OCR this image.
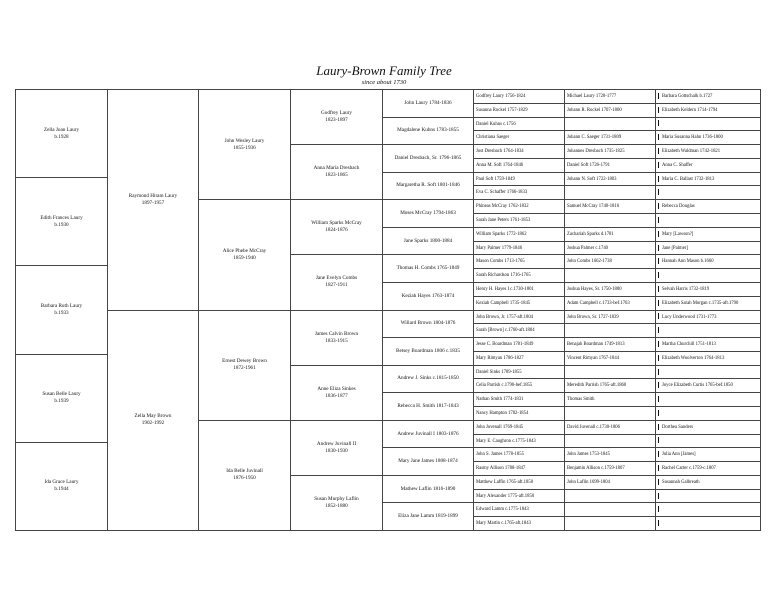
Laury-Brown Family Tree
since about 1730
Zella Joan Laury
b.1928
Edith Frances Laury
b.1930
Barbara Ruth Laury
b.1933
Susan Belle Laury
b.1939
Ida Grace Laury
b.1944
Raymond Hiram Laury
1897-1957
Zella May Brown
1902-1992
John Wesley Laury
1855-1936
Alice Phebe McCray
1859-1940
Ernest Dewey Brown
1872-1961
Ida Belle Juvinall
1876-1950
Godfrey Laury
1823-1897
Anna Maria Dresbach
1823-1865
William Sparks McCray
1824-1876
Jane Evelyn Combs
1827-1911
James Calvin Brown
1833-1915
Anne Eliza Sinkes
1836-1877
Andrew Juvinall II
1830-1930
Susan Murphy Laflin
1852-1880
John Laury 1784-1836
Magdalene Kuhns 1783-1855
Daniel Dresbach, Sr. 1796-1865
Margaretha R. Soft 1801-1846
Moses McCray 1794-1863
Jane Sparks 1800-1884
Thomas H. Combs 1765-1849
Keziah Hayes 1763-1874
Willard Brown 1804-1876
Betsey Boardman 1806 c.1835
Andrew J. Sinks c.1815-1850
Rebecca H. Smith 1817-1843
Andrew Juvinall I 1803-1876
Mary Jane James 1808-1874
Mathew Laflin 1816-1890
Eliza Jane Lamm 1819-1899
Godfrey Laury 1756-1824
Susanna Rockel 1757-1829
Daniel Kuhns c.1756
Christiana Saeger
Jost Dresbach 1764-1834
Anna M. Soft 1764-1846
Paul Soft 1759-1849
Eva C. Schaffer 1766-1833
Phineas McCray 1762-1832
Sarah Jane Peters 1761-1853
William Sparks 1772-1862
Mary Palmer 1779-1846
Mason Combs 1713-1765
Sarah Richardson 1716-1765
Henry H. Hayes I c.1730-1801
Keziah Campbell 1735-1845
John Brown, Jr. 1757-aft.1804
Sarah [Brown] c.1760-aft.1804
Jesse C. Boardman 1781-1849
Mary Rimyan 1786-1827
Daniel Sinks 1789-1855
Celia Parrish c.1790-bef.1855
Nathan Smith 1774-1831
Nancy Hampton 1782-1854
John Juvenall 1769-1845
Mary E. Caughron c.1775-1843
John S. James 1778-1855
Rasmy Allison 1788-1847
Matthew Laffin 1765-aft.1850
Mary Alexander 1775-aft.1850
Edward Lamm c.1775-1843
Mary Martin c.1765-aft.1843
Michael Laury 1720-1777
Johann R. Rockel 1707-1800
Johann C. Saeger 1731-1809
Johannes Dresbach 1735-1825
Daniel Soft 1726-1791
Johann N. Soft 1722-1803
Samuel McCray 1740-1816
Zachariah Sparks d.1781
Joshua Palmer c.1740
John Combs 1662-1738
Joshua Hayes, Sr. 1750-1800
Adam Campbell c.1733-bef.1763
John Brown, Sr. 1727-1839
Benajah Boardman 1749-1813
Vincent Rimyan 1767-1844
Meredith Parrish 1765-aft.1860
Thomas Smith
David Juvenall c.1730-1806
John James 1753-1845
Benjamin Allison c.1759-1807
John Laflin 1699-1804
Barbara Gottschalk b.1727
Elizabeth Keldern 1714-1794
Maria Susanna Hahn 1736-1800
Elizabeth Waldman 1742-1821
Anna C. Shaffer
Maria C. Ballast 1732-1813
Rebecca Douglas
Mary [Lawson?]
Jane [Palmer]
Hannah Ann Mason b.1660
Selvah Harris 1732-1819
Elizabeth Sarah Morgan c.1735-aft.1790
Lucy Underwood 1731-1773
Martha Churchill 1751-1813
Elizabeth Woolverton 1764-1813
Joyce Elizabeth Curtis 1765-bef.1850
Dorthea Sanders
Julia Ann [James]
Rachel Carter c.1759-c.1807
Susannah Galbreath
